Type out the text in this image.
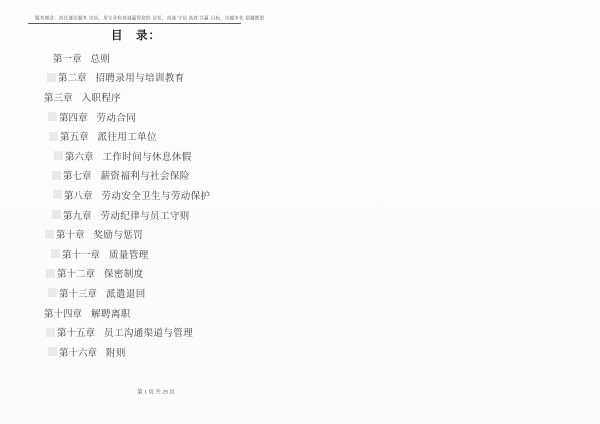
服务理念：责任速达服务·宗旨，用专业和真诚赢得您的·信任，真诚 守信 高效 共赢·目标，卓越争先 超越期望
目　录：
第一章 总则
第二章 招聘录用与培训教育
第三章 入职程序
第四章 劳动合同
第五章 派往用工单位
第六章 工作时间与休息休假
第七章 薪资福利与社会保险
第八章 劳动安全卫生与劳动保护
第九章 劳动纪律与员工守则
第十章 奖励与惩罚
第十一章 质量管理
第十二章 保密制度
第十三章 派遣退回
第十四章 解聘离职
第十五章 员工沟通渠道与管理
第十六章 附则
第 1 页 共 29 页
